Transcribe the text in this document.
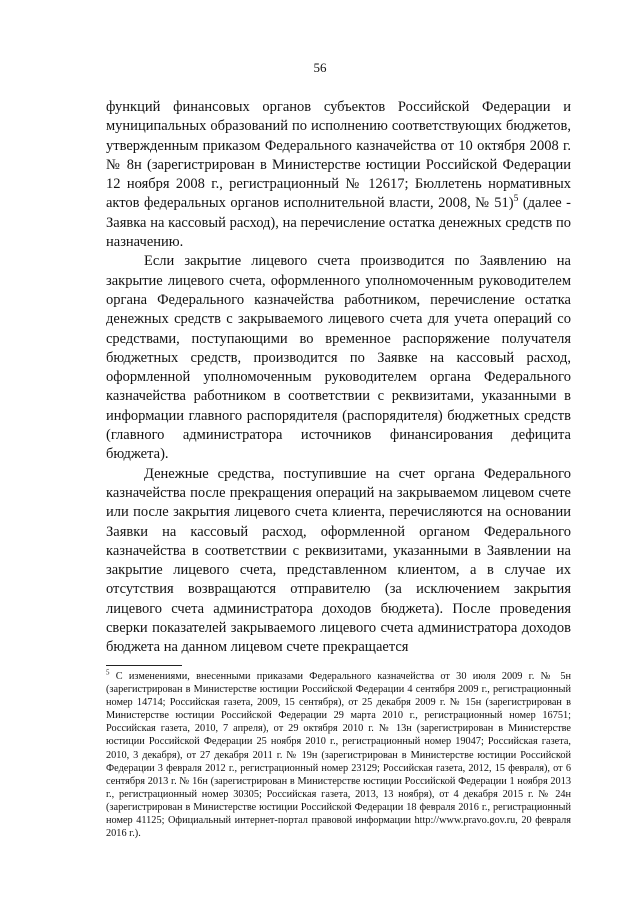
56

функций финансовых органов субъектов Российской Федерации и муниципальных образований по исполнению соответствующих бюджетов, утвержденным приказом Федерального казначейства от 10 октября 2008 г. № 8н (зарегистрирован в Министерстве юстиции Российской Федерации 12 ноября 2008 г., регистрационный № 12617; Бюллетень нормативных актов федеральных органов исполнительной власти, 2008, № 51)$^5$ (далее - Заявка на кассовый расход), на перечисление остатка денежных средств по назначению.

Если закрытие лицевого счета производится по Заявлению на закрытие лицевого счета, оформленного уполномоченным руководителем органа Федерального казначейства работником, перечисление остатка денежных средств с закрываемого лицевого счета для учета операций со средствами, поступающими во временное распоряжение получателя бюджетных средств, производится по Заявке на кассовый расход, оформленной уполномоченным руководителем органа Федерального казначейства работником в соответствии с реквизитами, указанными в информации главного распорядителя (распорядителя) бюджетных средств (главного администратора источников финансирования дефицита бюджета).

Денежные средства, поступившие на счет органа Федерального казначейства после прекращения операций на закрываемом лицевом счете или после закрытия лицевого счета клиента, перечисляются на основании Заявки на кассовый расход, оформленной органом Федерального казначейства в соответствии с реквизитами, указанными в Заявлении на закрытие лицевого счета, представленном клиентом, а в случае их отсутствия возвращаются отправителю (за исключением закрытия лицевого счета администратора доходов бюджета). После проведения сверки показателей закрываемого лицевого счета администратора доходов бюджета на данном лицевом счете прекращается

$^5$ С изменениями, внесенными приказами Федерального казначейства от 30 июля 2009 г. № 5н (зарегистрирован в Министерстве юстиции Российской Федерации 4 сентября 2009 г., регистрационный номер 14714; Российская газета, 2009, 15 сентября), от 25 декабря 2009 г. № 15н (зарегистрирован в Министерстве юстиции Российской Федерации 29 марта 2010 г., регистрационный номер 16751; Российская газета, 2010, 7 апреля), от 29 октября 2010 г. № 13н (зарегистрирован в Министерстве юстиции Российской Федерации 25 ноября 2010 г., регистрационный номер 19047; Российская газета, 2010, 3 декабря), от 27 декабря 2011 г. № 19н (зарегистрирован в Министерстве юстиции Российской Федерации 3 февраля 2012 г., регистрационный номер 23129; Российская газета, 2012, 15 февраля), от 6 сентября 2013 г. № 16н (зарегистрирован в Министерстве юстиции Российской Федерации 1 ноября 2013 г., регистрационный номер 30305; Российская газета, 2013, 13 ноября), от 4 декабря 2015 г. № 24н (зарегистрирован в Министерстве юстиции Российской Федерации 18 февраля 2016 г., регистрационный номер 41125; Официальный интернет-портал правовой информации http://www.pravo.gov.ru, 20 февраля 2016 г.).
